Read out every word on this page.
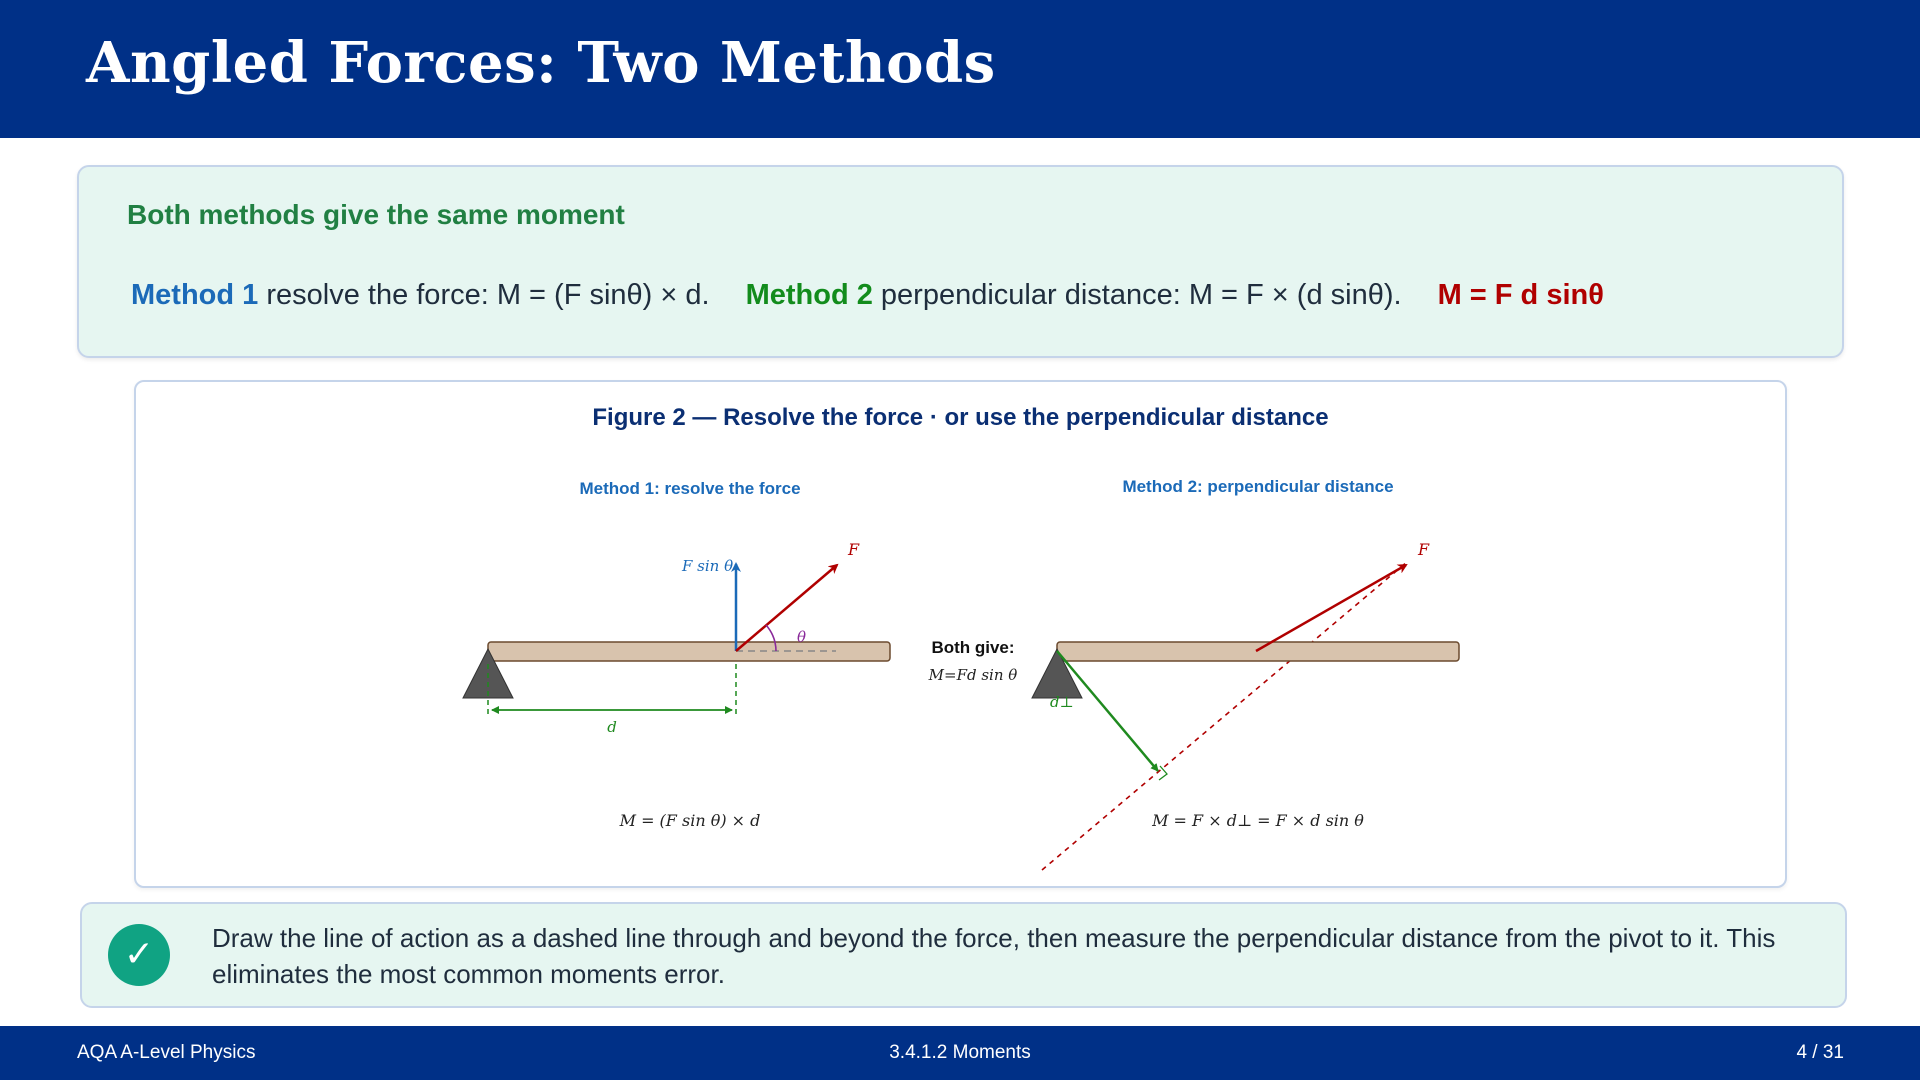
Angled Forces: Two Methods
Both methods give the same moment
Method 1 resolve the force: M = (F sinθ) × d. Method 2 perpendicular distance: M = F × (d sinθ). M = F d sinθ
Figure 2 — Resolve the force · or use the perpendicular distance
Method 1: resolve the force
F sin θ
F
θ
d
M = (F sin θ) × d
Both give:
M=Fd sin θ
Method 2: perpendicular distance
F
d⊥
M = F × d⊥ = F × d sin θ
✓	Draw the line of action as a dashed line through and beyond the force, then measure the perpendicular distance from the pivot to it. This eliminates the most common moments error.
AQA A-Level Physics	3.4.1.2 Moments	4 / 31
